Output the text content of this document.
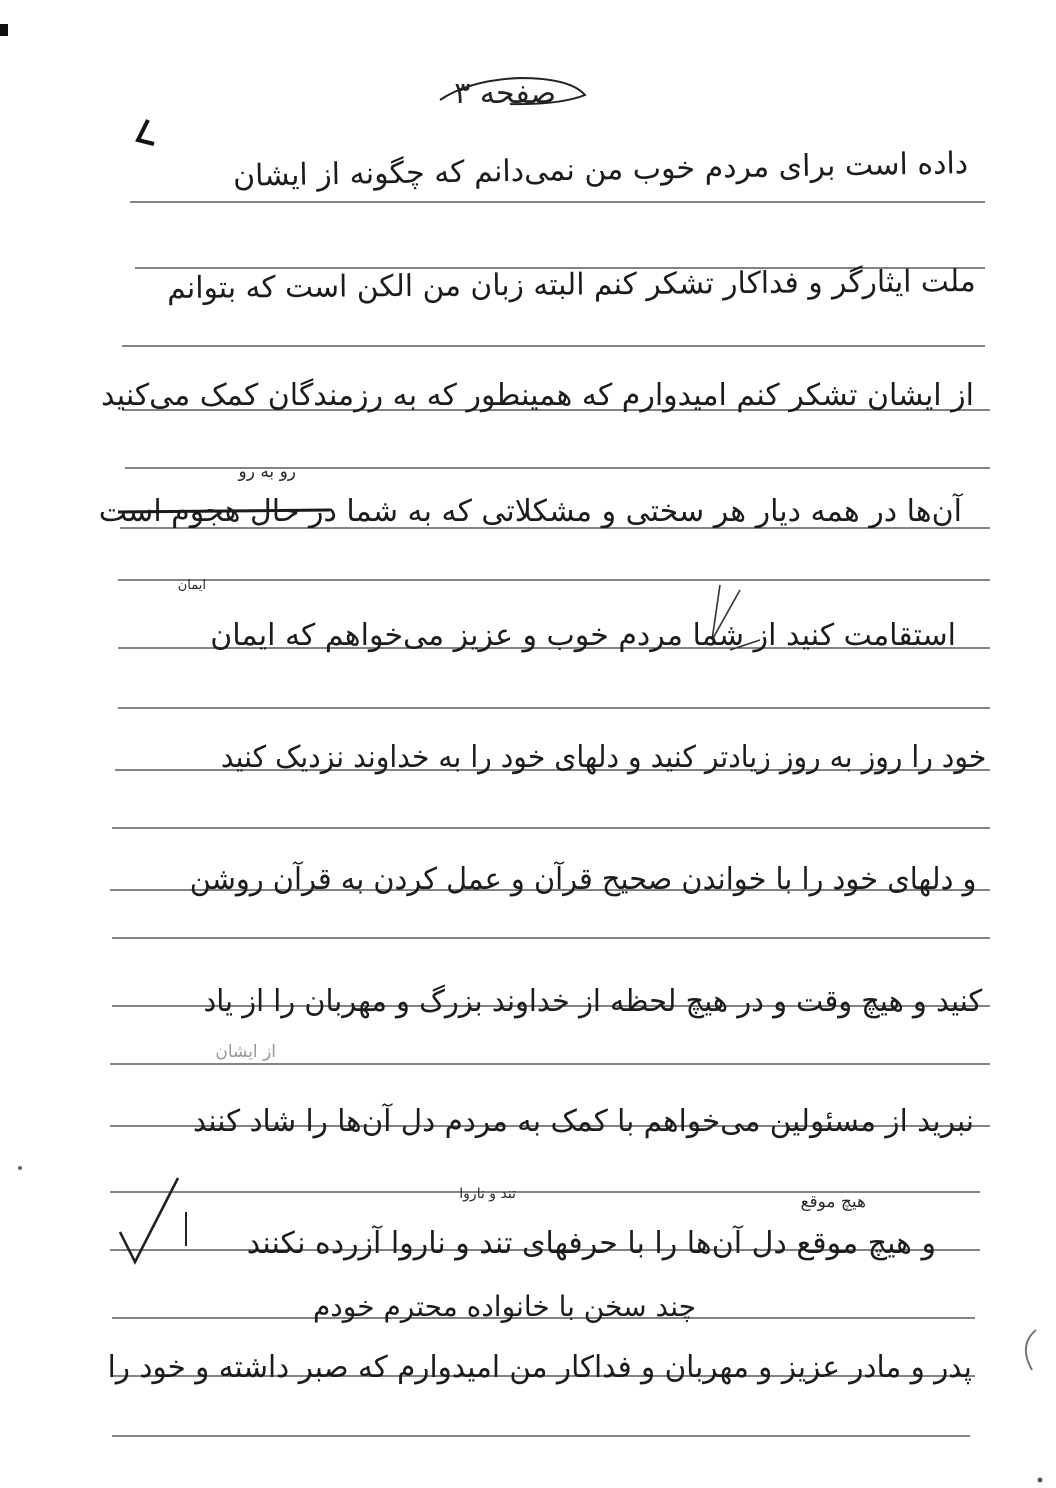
صفحه ۳
داده است برای مردم خوب من نمی‌دانم که چگونه از ایشان
ملت ایثارگر و فداکار تشکر کنم البته زبان من الکن است که بتوانم
از ایشان تشکر کنم امیدوارم که همینطور که به رزمندگان کمک می‌کنید
آن‌ها در همه دیار هر سختی و مشکلاتی که به شما در حال هجوم است
استقامت کنید از شما مردم خوب و عزیز می‌خواهم که ایمان
خود را روز به روز زیادتر کنید و دلهای خود را به خداوند نزدیک کنید
و دلهای خود را با خواندن صحیح قرآن و عمل کردن به قرآن روشن
کنید و هیچ وقت و در هیچ لحظه از خداوند بزرگ و مهربان را از یاد
نبرید از مسئولین می‌خواهم با کمک به مردم دل آن‌ها را شاد کنند
و هیچ موقع دل آن‌ها را با حرفهای تند و ناروا آزرده نکنند
چند سخن با خانواده محترم خودم
پدر و مادر عزیز و مهربان و فداکار من امیدوارم که صبر داشته و خود را
رو به رو
ایمان
از ایشان
تند و ناروا	هیچ موقع
